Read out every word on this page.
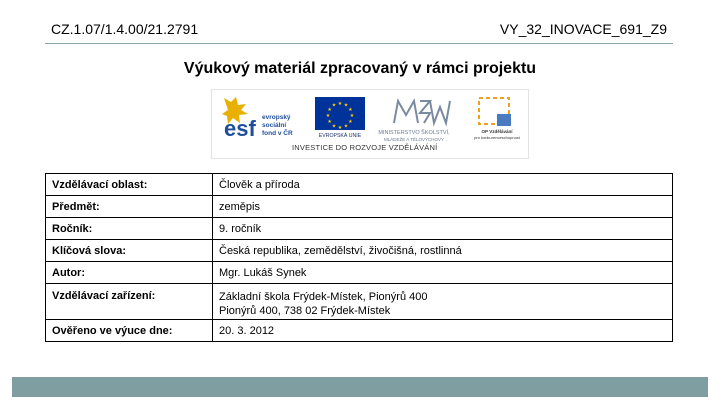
CZ.1.07/1.4.00/21.2791	VY_32_INOVACE_691_Z9
Výukový materiál zpracovaný v rámci projektu
esf evropský
sociální
fond v ČR
★ ★
★
★
★
★
★
★
★
★
★
★
EVROPSKÁ UNIE	MINISTERSTVO ŠKOLSTVÍ,
MLÁDEŽE A TĚLOVÝCHOVY
OP Vzdělávání
pro konkurenceschopnost
INVESTICE DO ROZVOJE VZDĚLÁVÁNÍ
Vzdělávací oblast:	Člověk a příroda
Předmět:	zeměpis
Ročník:	9. ročník
Klíčová slova:	Česká republika, zemědělství, živočišná, rostlinná
Autor:	Mgr. Lukáš Synek
Vzdělávací zařízení:	Základní škola Frýdek-Místek, Pionýrů 400
Pionýrů 400, 738 02 Frýdek-Místek

Ověřeno ve výuce dne:	20. 3. 2012
